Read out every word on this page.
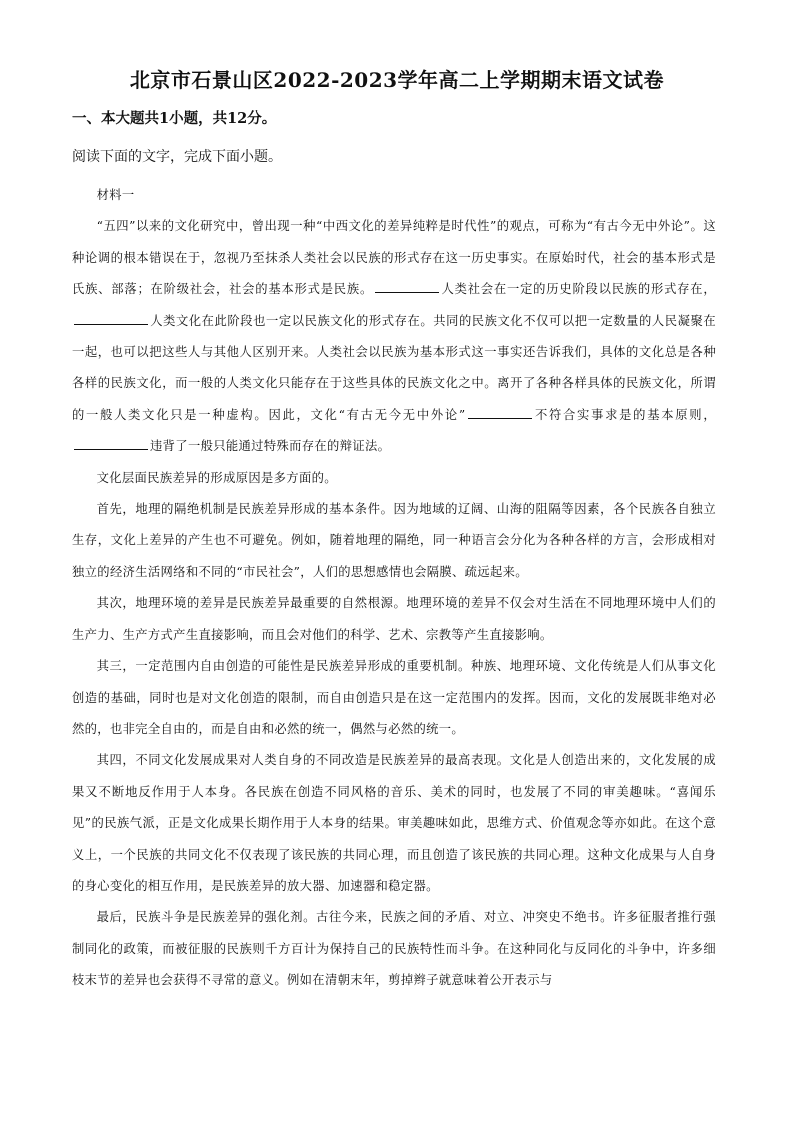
北京市石景山区2022-2023学年高二上学期期末语文试卷
一、本大题共1小题，共12分。
阅读下面的文字，完成下面小题。

材料一

“五四”以来的文化研究中，曾出现一种“中西文化的差异纯粹是时代性”的观点，可称为“有古今无中外论”。这种论调的根本错误在于，忽视乃至抹杀人类社会以民族的形式存在这一历史事实。在原始时代，社会的基本形式是氏族、部落；在阶级社会，社会的基本形式是民族。	人类社会在一定的历史阶段以民族的形式存在，人类文化在此阶段也一定以民族文化的形式存在。共同的民族文化不仅可以把一定数量的人民凝聚在一起，也可以把这些人与其他人区别开来。人类社会以民族为基本形式这一事实还告诉我们，具体的文化总是各种各样的民族文化，而一般的人类文化只能存在于这些具体的民族文化之中。离开了各种各样具体的民族文化，所谓的一般人类文化只是一种虚构。因此，文化“有古无今无中外论”	不符合实事求是的基本原则，违背了一般只能通过特殊而存在的辩证法。

文化层面民族差异的形成原因是多方面的。

首先，地理的隔绝机制是民族差异形成的基本条件。因为地域的辽阔、山海的阻隔等因素，各个民族各自独立生存，文化上差异的产生也不可避免。例如，随着地理的隔绝，同一种语言会分化为各种各样的方言，会形成相对独立的经济生活网络和不同的“市民社会”，人们的思想感情也会隔膜、疏远起来。

其次，地理环境的差异是民族差异最重要的自然根源。地理环境的差异不仅会对生活在不同地理环境中人们的生产力、生产方式产生直接影响，而且会对他们的科学、艺术、宗教等产生直接影响。

其三，一定范围内自由创造的可能性是民族差异形成的重要机制。种族、地理环境、文化传统是人们从事文化创造的基础，同时也是对文化创造的限制，而自由创造只是在这一定范围内的发挥。因而，文化的发展既非绝对必然的，也非完全自由的，而是自由和必然的统一，偶然与必然的统一。

其四，不同文化发展成果对人类自身的不同改造是民族差异的最高表现。文化是人创造出来的，文化发展的成果又不断地反作用于人本身。各民族在创造不同风格的音乐、美术的同时，也发展了不同的审美趣味。“喜闻乐见”的民族气派，正是文化成果长期作用于人本身的结果。审美趣味如此，思维方式、价值观念等亦如此。在这个意义上，一个民族的共同文化不仅表现了该民族的共同心理，而且创造了该民族的共同心理。这种文化成果与人自身的身心变化的相互作用，是民族差异的放大器、加速器和稳定器。

最后，民族斗争是民族差异的强化剂。古往今来，民族之间的矛盾、对立、冲突史不绝书。许多征服者推行强制同化的政策，而被征服的民族则千方百计为保持自己的民族特性而斗争。在这种同化与反同化的斗争中，许多细枝末节的差异也会获得不寻常的意义。例如在清朝末年，剪掉辫子就意味着公开表示与
